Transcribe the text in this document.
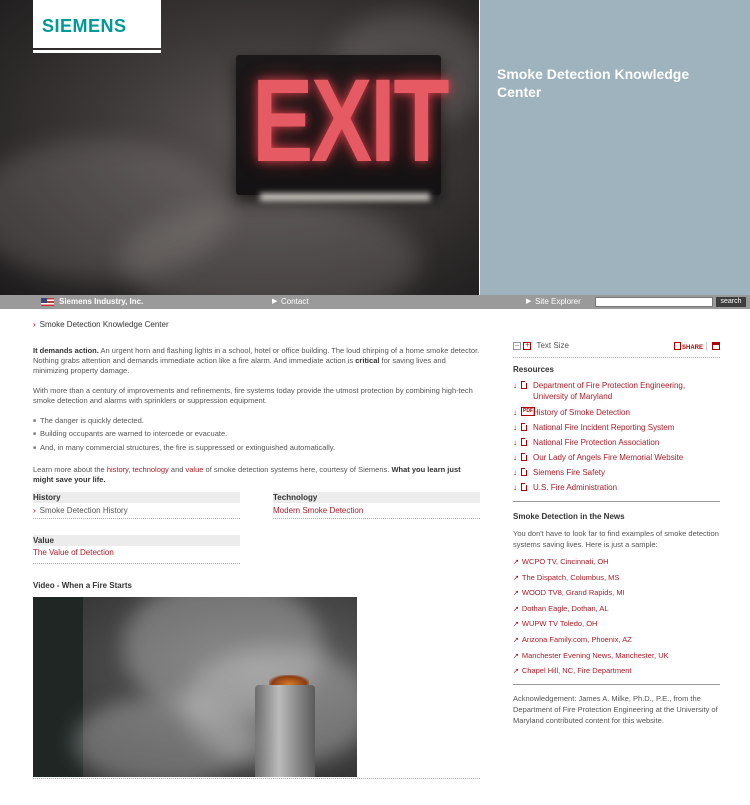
EXIT
SIEMENS
Smoke Detection Knowledge Center
Siemens Industry, Inc.	▶ Contact	▶ Site Explorer	search
› Smoke Detection Knowledge Center
It demands action. An urgent horn and flashing lights in a school, hotel or office building. The loud chirping of a home smoke detector. Nothing grabs attention and demands immediate action like a fire alarm. And immediate action is critical for saving lives and minimizing property damage.
With more than a century of improvements and refinements, fire systems today provide the utmost protection by combining high-tech smoke detection and alarms with sprinklers or suppression equipment.
■ The danger is quickly detected.
■ Building occupants are warned to intercede or evacuate.
■ And, in many commercial structures, the fire is suppressed or extinguished automatically.
Learn more about the history, technology and value of smoke detection systems here, courtesy of Siemens. What you learn just might save your life.
History
› Smoke Detection History
Technology
Modern Smoke Detection
Value
The Value of Detection
Video - When a Fire Starts
– + Text Size	SHARE
Resources
↓ Department of Fire Protection Engineering, University of Maryland
↓	PDF History of Smoke Detection
↓ National Fire Incident Reporting System
↓ National Fire Protection Association
↓ Our Lady of Angels Fire Memorial Website
↓ Siemens Fire Safety
↓ U.S. Fire Administration
Smoke Detection in the News
You don't have to look far to find examples of smoke detection systems saving lives. Here is just a sample:
↗ WCPO TV, Cincinnati, OH
↗ The Dispatch, Columbus, MS
↗ WOOD TV8, Grand Rapids, MI
↗ Dothan Eagle, Dothan, AL
↗ WUPW TV Toledo, OH
↗ Arizona Family.com, Phoenix, AZ
↗ Manchester Evening News, Manchester, UK
↗ Chapel Hill, NC, Fire Department
Acknowledgement: James A. Milke, Ph.D., P.E., from the Department of Fire Protection Engineering at the University of Maryland contributed content for this website.
